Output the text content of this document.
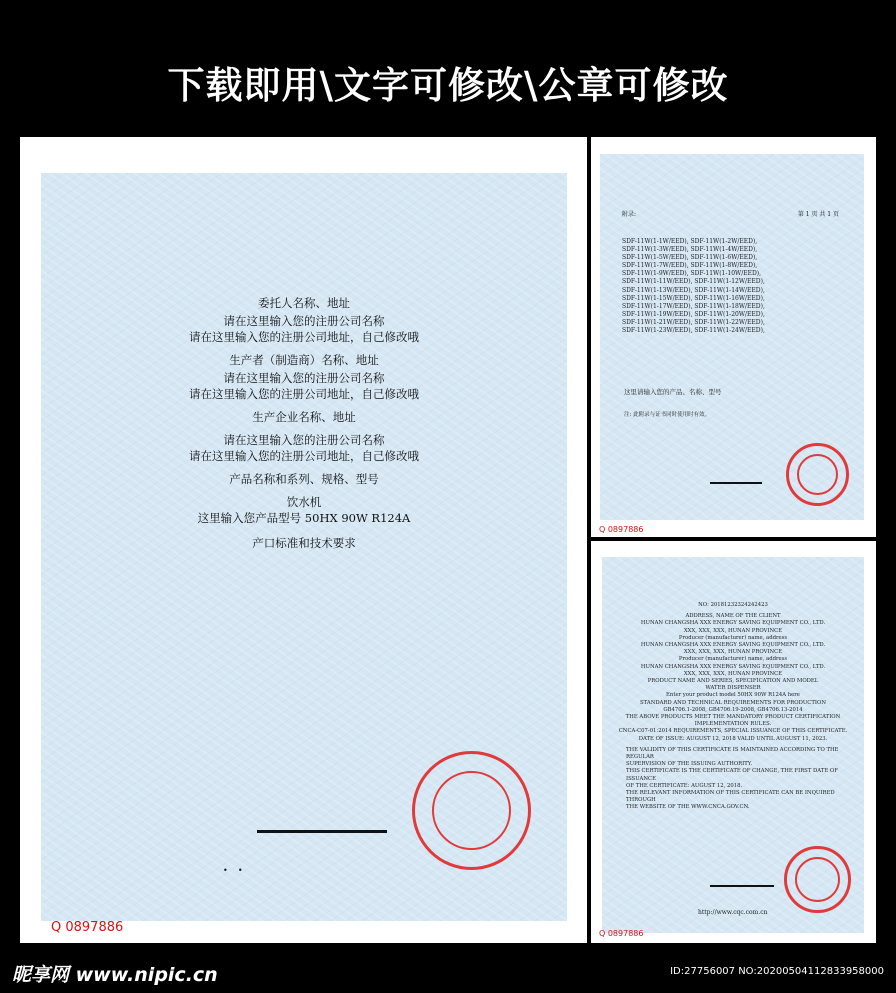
下载即用\文字可修改\公章可修改
委托人名称、地址
请在这里输入您的注册公司名称
请在这里输入您的注册公司地址，自己修改哦
生产者（制造商）名称、地址
请在这里输入您的注册公司名称
请在这里输入您的注册公司地址，自己修改哦
生产企业名称、地址
请在这里输入您的注册公司名称
请在这里输入您的注册公司地址，自己修改哦
产品名称和系列、规格、型号
饮水机
这里输入您产品型号 50HX 90W R124A
产口标准和技术要求
•    •
Q 0897886
附录:	第 1 页 共 1 页
SDF-11W(1-1W/EED), SDF-11W(1-2W/EED),
SDF-11W(1-3W/EED), SDF-11W(1-4W/EED),
SDF-11W(1-5W/EED), SDF-11W(1-6W/EED),
SDF-11W(1-7W/EED), SDF-11W(1-8W/EED),
SDF-11W(1-9W/EED), SDF-11W(1-10W/EED),
SDF-11W(1-11W/EED), SDF-11W(1-12W/EED),
SDF-11W(1-13W/EED), SDF-11W(1-14W/EED),
SDF-11W(1-15W/EED), SDF-11W(1-16W/EED),
SDF-11W(1-17W/EED), SDF-11W(1-18W/EED),
SDF-11W(1-19W/EED), SDF-11W(1-20W/EED),
SDF-11W(1-21W/EED), SDF-11W(1-22W/EED),
SDF-11W(1-23W/EED), SDF-11W(1-24W/EED),
这里请输入您的产品、名称、型号
注: 此附录与证书同时使用时有效。
Q 0897886
NO: 20181232324242423
ADDRESS, NAME OF THE CLIENT
HUNAN CHANGSHA XXX ENERGY SAVING EQUIPMENT CO., LTD.
XXX, XXX, XXX, HUNAN PROVINCE
Producer (manufacturer) name, address
HUNAN CHANGSHA XXX ENERGY SAVING EQUIPMENT CO., LTD.
XXX, XXX, XXX, HUNAN PROVINCE
Producer (manufacturer) name, address
HUNAN CHANGSHA XXX ENERGY SAVING EQUIPMENT CO., LTD.
XXX, XXX, XXX, HUNAN PROVINCE
PRODUCT NAME AND SERIES, SPECIFICATION AND MODEL
WATER DISPENSER
Enter your product model 50HX 90W R124A here
STANDARD AND TECHNICAL REQUIREMENTS FOR PRODUCTION
GB4706.1-2008, GB4706.19-2008, GB4706.13-2014
THE ABOVE PRODUCTS MEET THE MANDATORY PRODUCT CERTIFICATION IMPLEMENTATION RULES.
CNCA-C07-01:2014 REQUIREMENTS, SPECIAL ISSUANCE OF THIS CERTIFICATE.
DATE OF ISSUE: AUGUST 12, 2018 VALID UNTIL AUGUST 11, 2023.
THE VALIDITY OF THIS CERTIFICATE IS MAINTAINED ACCORDING TO THE REGULAR
SUPERVISION OF THE ISSUING AUTHORITY.
THIS CERTIFICATE IS THE CERTIFICATE OF CHANGE, THE FIRST DATE OF ISSUANCE
OF THE CERTIFICATE: AUGUST 12, 2018.
THE RELEVANT INFORMATION OF THIS CERTIFICATE CAN BE INQUIRED THROUGH
THE WEBSITE OF THE WWW.CNCA.GOV.CN.
http://www.cqc.com.cn
Q 0897886
昵享网 www.nipic.cn	ID:27756007 NO:20200504112833958000
